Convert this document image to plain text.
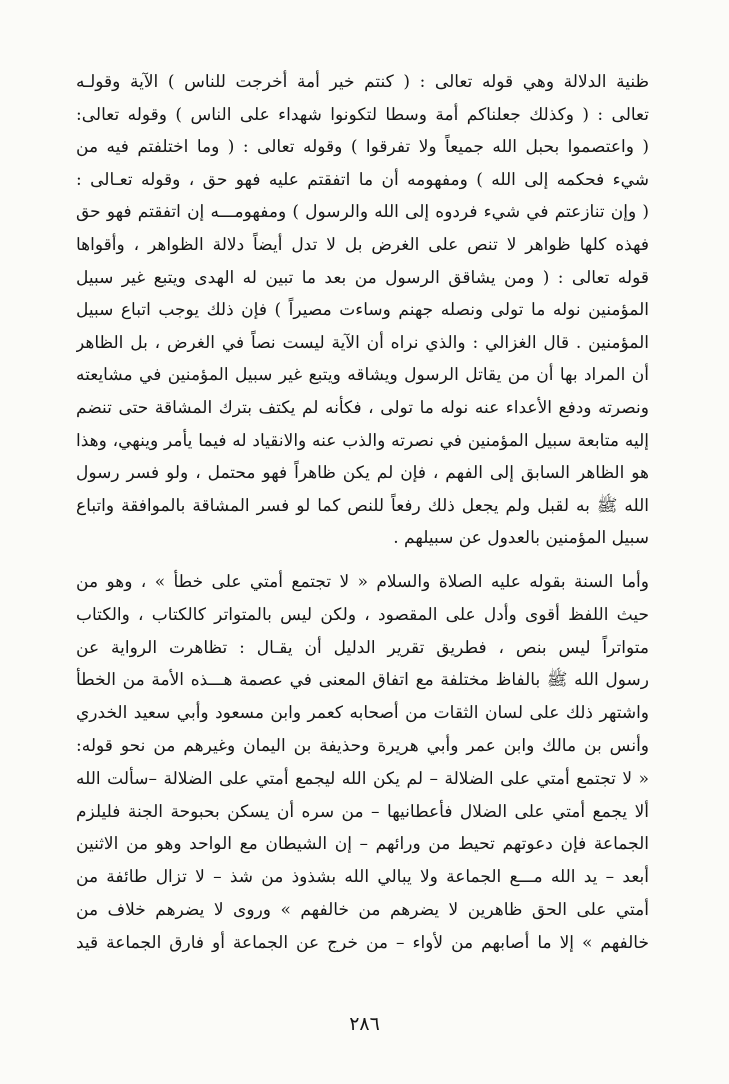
ظنية الدلالة وهي قوله تعالى : ( كنتم خير أمة أخرجت للناس ) الآية وقولـه
تعالى : ( وكذلك جعلناكم أمة وسطا لتكونوا شهداء على الناس ) وقوله تعالى:
( واعتصموا بحبل الله جميعاً ولا تفرقوا ) وقوله تعالى : ( وما اختلفتم فيه من
شيء فحكمه إلى الله ) ومفهومه أن ما اتفقتم عليه فهو حق ، وقوله تعـالى :
( وإن تنازعتم في شيء فردوه إلى الله والرسول ) ومفهومـــه إن اتفقتم فهو حق
فهذه كلها ظواهر لا تنص على الغرض بل لا تدل أيضاً دلالة الظواهر ، وأقواها
قوله تعالى : ( ومن يشاقق الرسول من بعد ما تبين له الهدى ويتبع غير سبيل
المؤمنين نوله ما تولى ونصله جهنم وساءت مصيراً ) فإن ذلك يوجب اتباع سبيل
المؤمنين . قال الغزالي : والذي نراه أن الآية ليست نصاً في الغرض ، بل الظاهر
أن المراد بها أن من يقاتل الرسول ويشاقه ويتبع غير سبيل المؤمنين في مشايعته
ونصرته ودفع الأعداء عنه نوله ما تولى ، فكأنه لم يكتف بترك المشاقة حتى تنضم
إليه متابعة سبيل المؤمنين في نصرته والذب عنه والانقياد له فيما يأمر وينهي، وهذا
هو الظاهر السابق إلى الفهم ، فإن لم يكن ظاهراً فهو محتمل ، ولو فسر رسول
الله ﷺ به لقبل ولم يجعل ذلك رفعاً للنص كما لو فسر المشاقة بالموافقة واتباع
سبيل المؤمنين بالعدول عن سبيلهم .
وأما السنة بقوله عليه الصلاة والسلام « لا تجتمع أمتي على خطأ » ، وهو من
حيث اللفظ أقوى وأدل على المقصود ، ولكن ليس بالمتواتر كالكتاب ، والكتاب
متواتراً ليس بنص ، فطريق تقرير الدليل أن يقـال : تظاهرت الرواية عن
رسول الله ﷺ بالفاظ مختلفة مع اتفاق المعنى في عصمة هـــذه الأمة من الخطأ
واشتهر ذلك على لسان الثقات من أصحابه كعمر وابن مسعود وأبي سعيد الخدري
وأنس بن مالك وابن عمر وأبي هريرة وحذيفة بن اليمان وغيرهم من نحو قوله:
« لا تجتمع أمتي على الضلالة – لم يكن الله ليجمع أمتي على الضلالة –سألت الله
ألا يجمع أمتي على الضلال فأعطانيها – من سره أن يسكن بحبوحة الجنة فليلزم
الجماعة فإن دعوتهم تحيط من ورائهم – إن الشيطان مع الواحد وهو من الاثنين
أبعد – يد الله مـــع الجماعة ولا يبالي الله بشذوذ من شذ – لا تزال طائفة من
أمتي على الحق ظاهرين لا يضرهم من خالفهم » وروى لا يضرهم خلاف من
خالفهم » إلا ما أصابهم من لأواء – من خرج عن الجماعة أو فارق الجماعة قيد
٢٨٦
